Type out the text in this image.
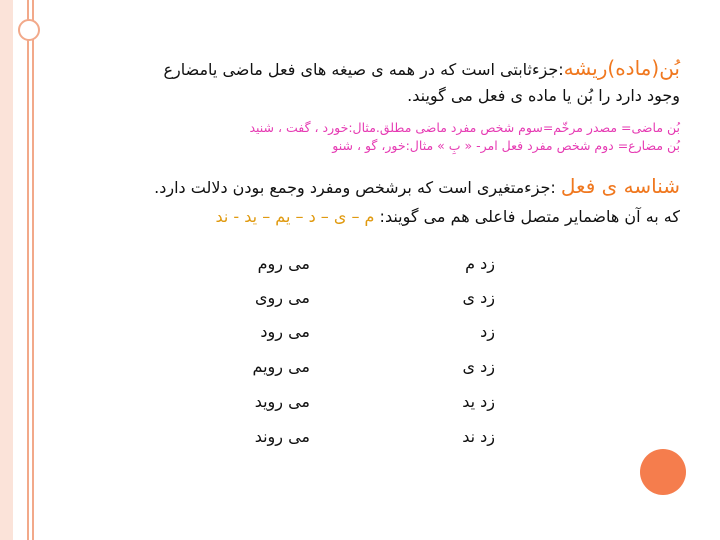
بُن(ماده)ریشه:جزءثابتی است که در همه ی صیغه های فعل ماضی یامضارع
وجود دارد را بُن یا ماده ی فعل می گویند.
بُن ماضی= مصدر مرخّم=سوم شخص مفرد ماضی مطلق.مثال:خورد ، گفت ، شنید
بُن مضارع= دوم شخص مفرد فعل امر- « بِ » مثال:خور، گو ، شنو
شناسه ی فعل :جزءمتغیری است که برشخص ومفرد وجمع بودن دلالت دارد.
که به آن هاضمایر متصل فاعلی هم می گویند: م – ی – د – یم – ید - ند
می روم
می روی
می رود
می رویم
می روید
می روند
زد م
زد ی
زد
زد ی
زد ید
زد ند
